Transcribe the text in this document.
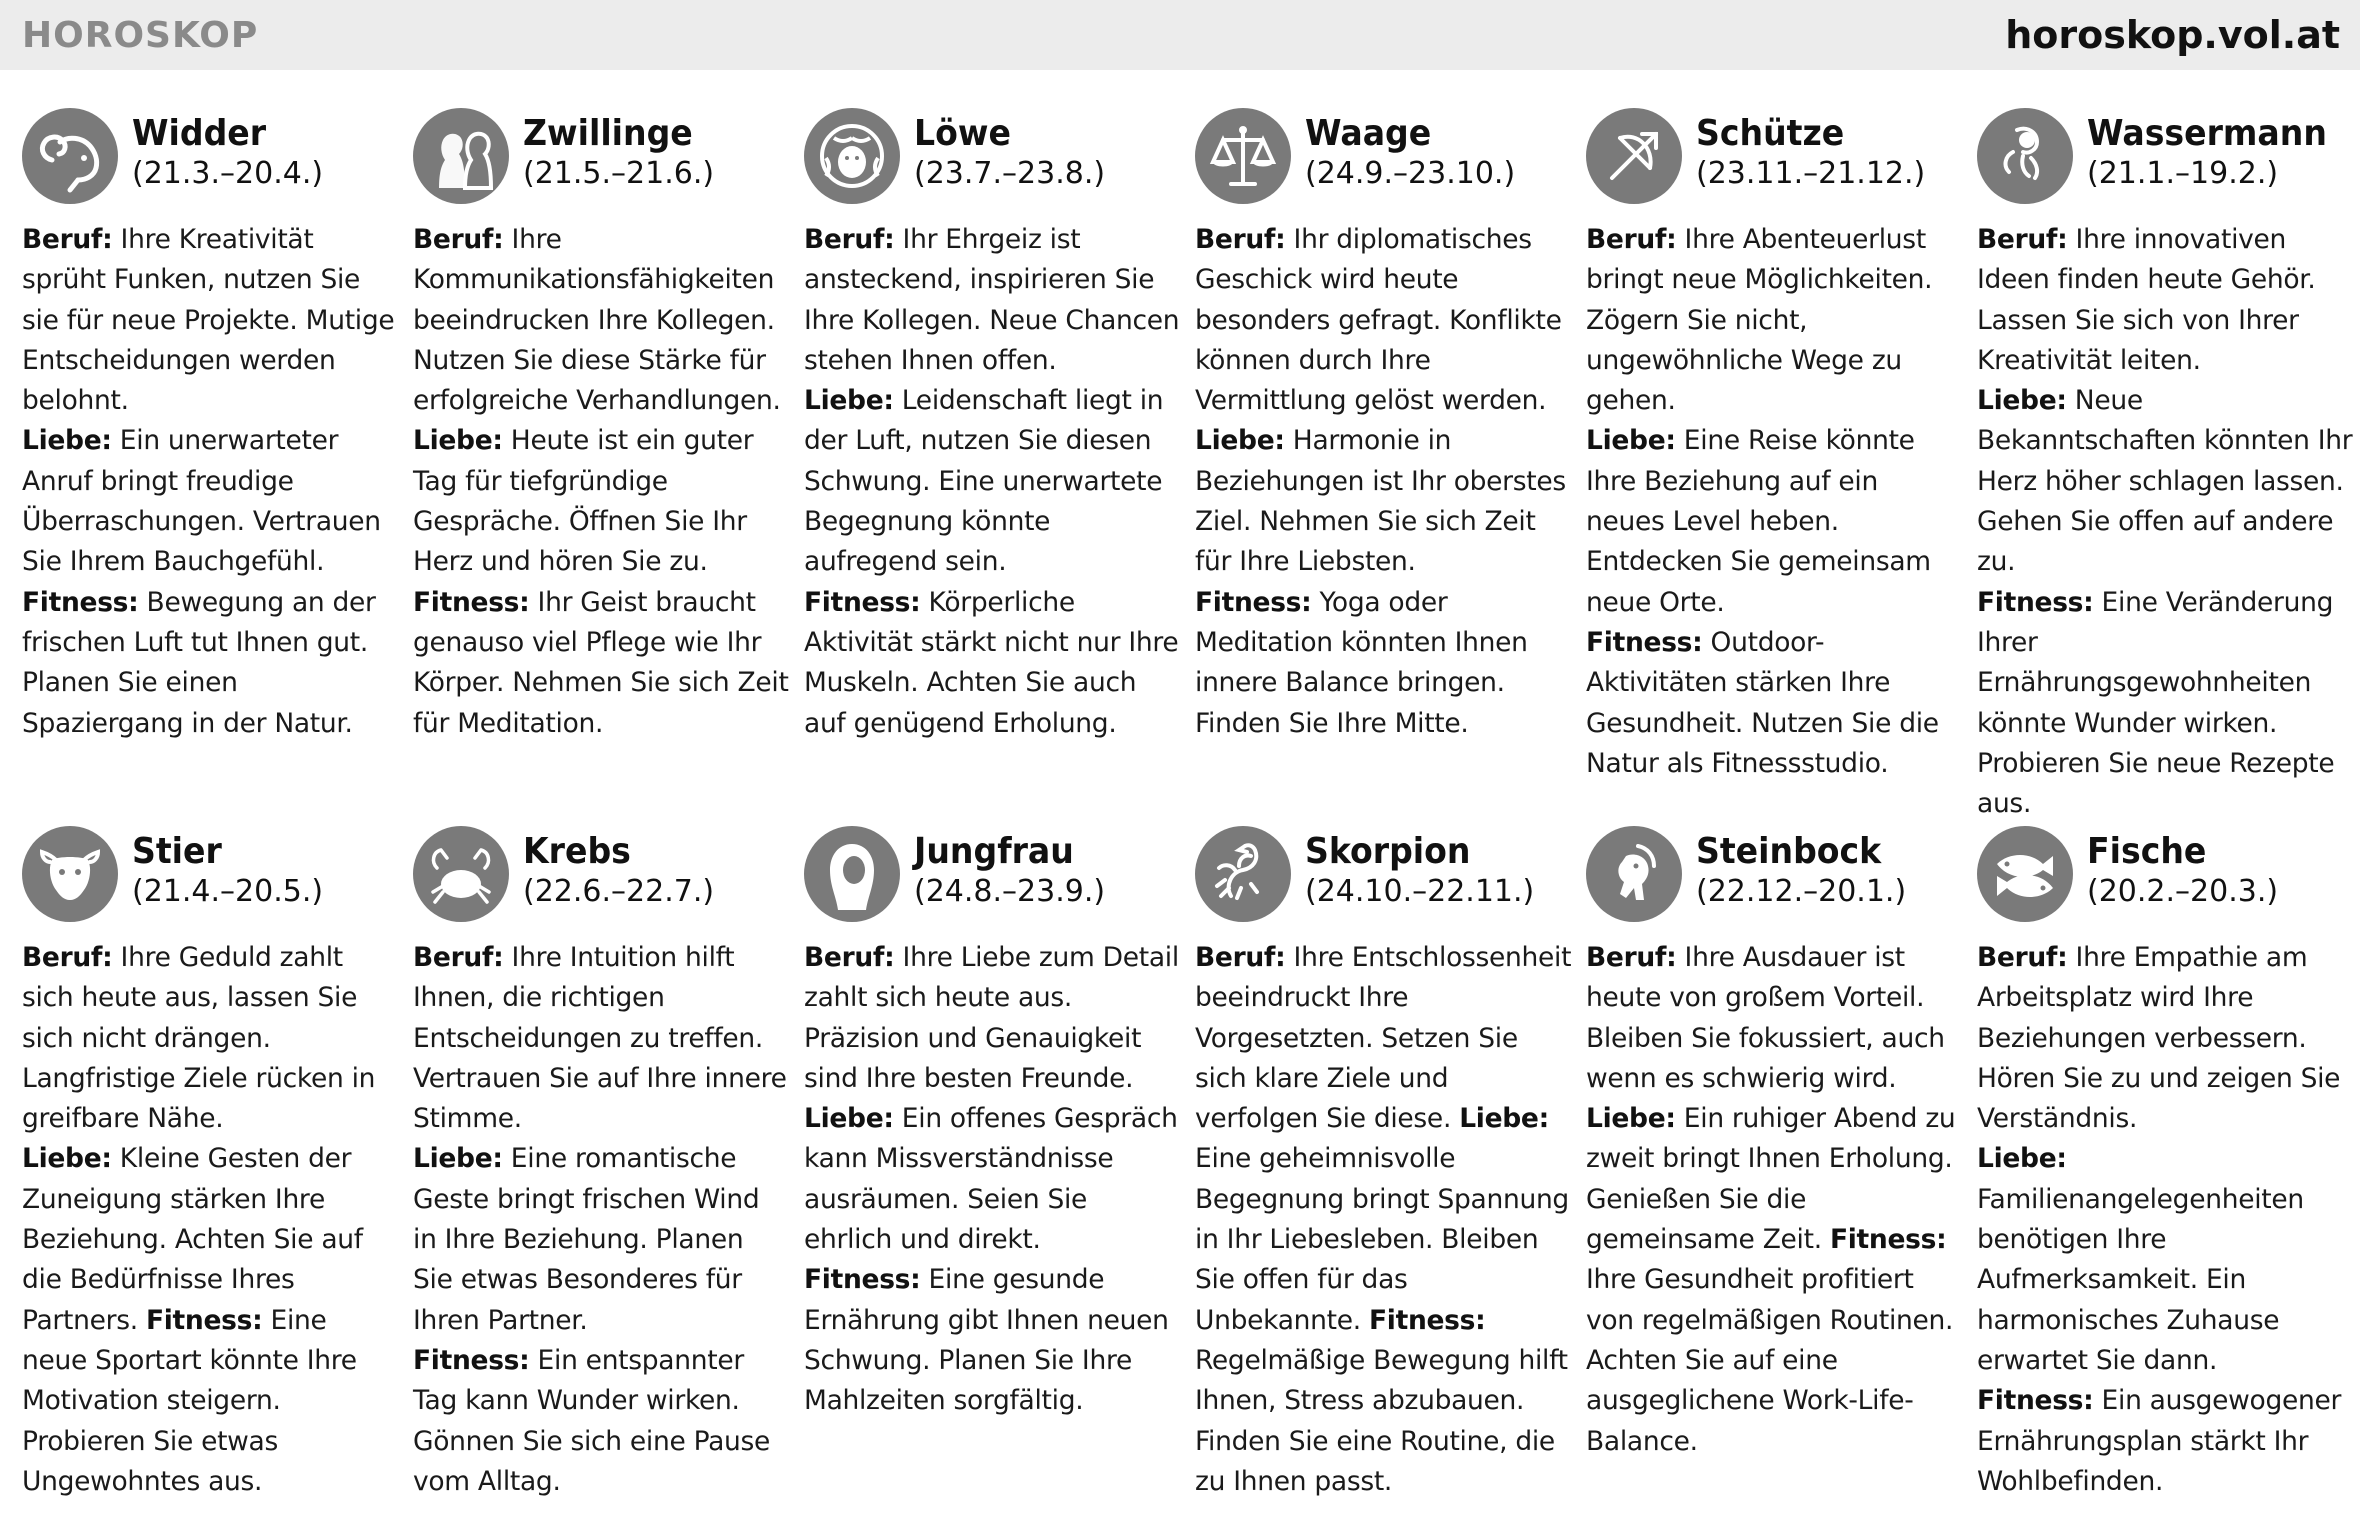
HOROSKOP	horoskop.vol.at
Widder
(21.3.–20.4.)
Beruf: Ihre Kreativität sprüht Funken, nutzen Sie sie für neue Projekte. Mutige Entscheidungen werden belohnt.
Liebe: Ein unerwarteter Anruf bringt freudige Überraschungen. Vertrauen Sie Ihrem Bauchgefühl.
Fitness: Bewegung an der frischen Luft tut Ihnen gut. Planen Sie einen Spaziergang in der Natur.
Zwillinge
(21.5.–21.6.)
Beruf: Ihre Kommunikationsfähigkeiten beeindrucken Ihre Kollegen. Nutzen Sie diese Stärke für erfolgreiche Verhandlungen.
Liebe: Heute ist ein guter Tag für tiefgründige Gespräche. Öffnen Sie Ihr Herz und hören Sie zu.
Fitness: Ihr Geist braucht genauso viel Pflege wie Ihr Körper. Nehmen Sie sich Zeit für Meditation.
Löwe
(23.7.–23.8.)
Beruf: Ihr Ehrgeiz ist ansteckend, inspirieren Sie Ihre Kollegen. Neue Chancen stehen Ihnen offen.
Liebe: Leidenschaft liegt in der Luft, nutzen Sie diesen Schwung. Eine unerwartete Begegnung könnte aufregend sein.
Fitness: Körperliche Aktivität stärkt nicht nur Ihre Muskeln. Achten Sie auch auf genügend Erholung.
Waage
(24.9.–23.10.)
Beruf: Ihr diplomatisches Geschick wird heute besonders gefragt. Konflikte können durch Ihre Vermittlung gelöst werden.
Liebe: Harmonie in Beziehungen ist Ihr oberstes Ziel. Nehmen Sie sich Zeit für Ihre Liebsten.
Fitness: Yoga oder Meditation könnten Ihnen innere Balance bringen. Finden Sie Ihre Mitte.
Schütze
(23.11.–21.12.)
Beruf: Ihre Abenteuerlust bringt neue Möglichkeiten. Zögern Sie nicht, ungewöhnliche Wege zu gehen.
Liebe: Eine Reise könnte Ihre Beziehung auf ein neues Level heben. Entdecken Sie gemeinsam neue Orte.
Fitness: Outdoor-Aktivitäten stärken Ihre Gesundheit. Nutzen Sie die Natur als Fitnessstudio.
Wassermann
(21.1.–19.2.)
Beruf: Ihre innovativen Ideen finden heute Gehör. Lassen Sie sich von Ihrer Kreativität leiten.
Liebe: Neue Bekanntschaften könnten Ihr Herz höher schlagen lassen. Gehen Sie offen auf andere zu.
Fitness: Eine Veränderung Ihrer Ernährungsgewohnheiten könnte Wunder wirken. Probieren Sie neue Rezepte aus.
Stier
(21.4.–20.5.)
Beruf: Ihre Geduld zahlt sich heute aus, lassen Sie sich nicht drängen. Langfristige Ziele rücken in greifbare Nähe.
Liebe: Kleine Gesten der Zuneigung stärken Ihre Beziehung. Achten Sie auf die Bedürfnisse Ihres Partners. Fitness: Eine neue Sportart könnte Ihre Motivation steigern. Probieren Sie etwas Ungewohntes aus.
Krebs
(22.6.–22.7.)
Beruf: Ihre Intuition hilft Ihnen, die richtigen Entscheidungen zu treffen. Vertrauen Sie auf Ihre innere Stimme.
Liebe: Eine romantische Geste bringt frischen Wind in Ihre Beziehung. Planen Sie etwas Besonderes für Ihren Partner.
Fitness: Ein entspannter Tag kann Wunder wirken. Gönnen Sie sich eine Pause vom Alltag.
Jungfrau
(24.8.–23.9.)
Beruf: Ihre Liebe zum Detail zahlt sich heute aus. Präzision und Genauigkeit sind Ihre besten Freunde. Liebe: Ein offenes Gespräch kann Missverständnisse ausräumen. Seien Sie ehrlich und direkt.
Fitness: Eine gesunde Ernährung gibt Ihnen neuen Schwung. Planen Sie Ihre Mahlzeiten sorgfältig.
Skorpion
(24.10.–22.11.)
Beruf: Ihre Entschlossenheit beeindruckt Ihre Vorgesetzten. Setzen Sie sich klare Ziele und verfolgen Sie diese. Liebe: Eine geheimnisvolle Begegnung bringt Spannung in Ihr Liebesleben. Bleiben Sie offen für das Unbekannte. Fitness: Regelmäßige Bewegung hilft Ihnen, Stress abzubauen. Finden Sie eine Routine, die zu Ihnen passt.
Steinbock
(22.12.–20.1.)
Beruf: Ihre Ausdauer ist heute von großem Vorteil. Bleiben Sie fokussiert, auch wenn es schwierig wird. Liebe: Ein ruhiger Abend zu zweit bringt Ihnen Erholung. Genießen Sie die gemeinsame Zeit. Fitness: Ihre Gesundheit profitiert von regelmäßigen Routinen. Achten Sie auf eine ausgeglichene Work-Life-Balance.
Fische
(20.2.–20.3.)
Beruf: Ihre Empathie am Arbeitsplatz wird Ihre Beziehungen verbessern. Hören Sie zu und zeigen Sie Verständnis.
Liebe: Familienangelegenheiten benötigen Ihre Aufmerksamkeit. Ein harmonisches Zuhause erwartet Sie dann.
Fitness: Ein ausgewogener Ernährungsplan stärkt Ihr Wohlbefinden.
